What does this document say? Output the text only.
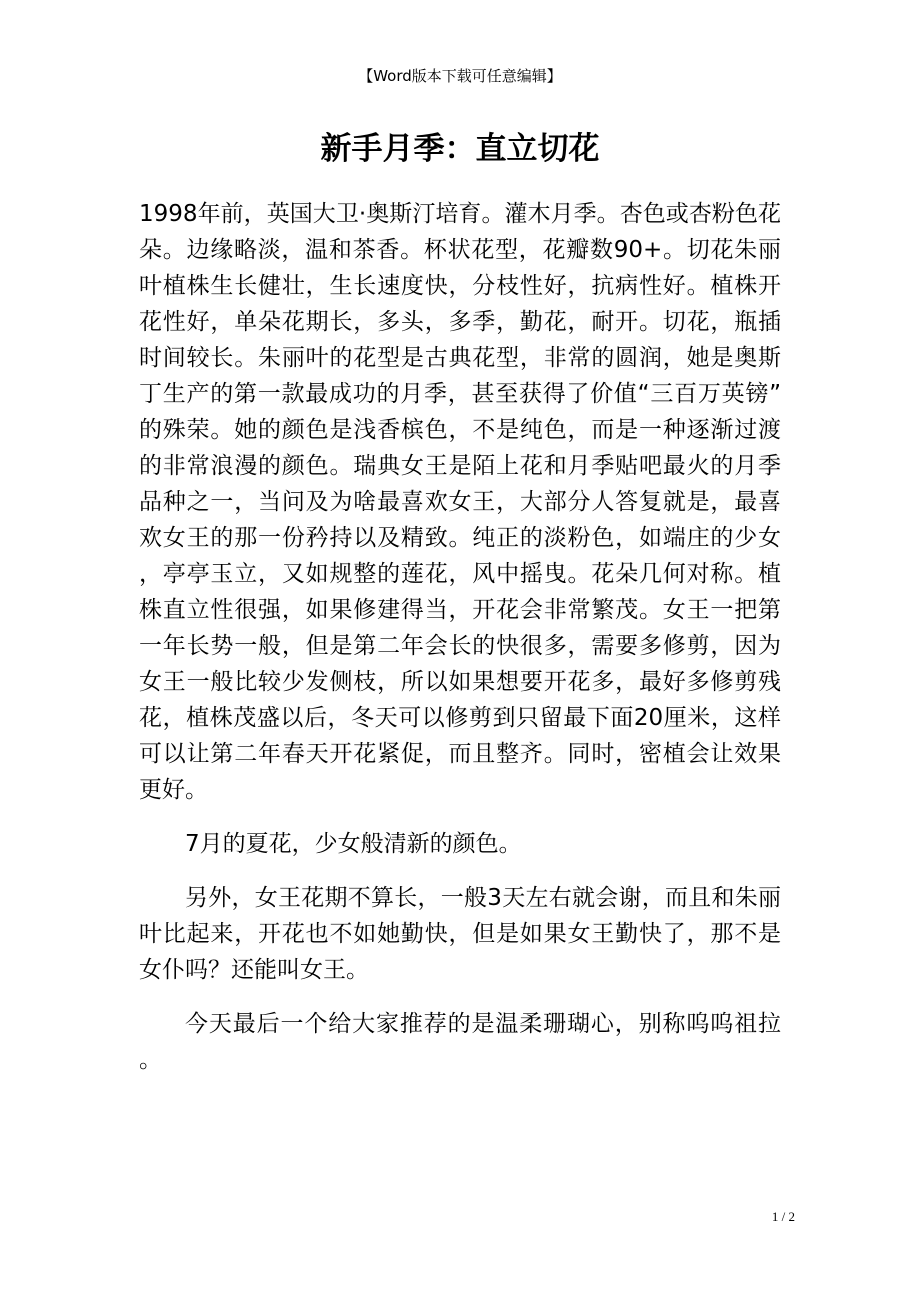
【Word版本下载可任意编辑】
新手月季：直立切花

1998年前，英国大卫·奥斯汀培育。灌木月季。杏色或杏粉色花朵。边缘略淡，温和茶香。杯状花型，花瓣数90+。切花朱丽叶植株生长健壮，生长速度快，分枝性好，抗病性好。植株开花性好，单朵花期长，多头，多季，勤花，耐开。切花，瓶插时间较长。朱丽叶的花型是古典花型，非常的圆润，她是奥斯丁生产的第一款最成功的月季，甚至获得了价值“三百万英镑”的殊荣。她的颜色是浅香槟色，不是纯色，而是一种逐渐过渡的非常浪漫的颜色。瑞典女王是陌上花和月季贴吧最火的月季品种之一，当问及为啥最喜欢女王，大部分人答复就是，最喜欢女王的那一份矜持以及精致。纯正的淡粉色，如端庄的少女，亭亭玉立，又如规整的莲花，风中摇曳。花朵几何对称。植株直立性很强，如果修建得当，开花会非常繁茂。女王一把第一年长势一般，但是第二年会长的快很多，需要多修剪，因为女王一般比较少发侧枝，所以如果想要开花多，最好多修剪残花，植株茂盛以后，冬天可以修剪到只留最下面20厘米，这样可以让第二年春天开花紧促，而且整齐。同时，密植会让效果更好。

7月的夏花，少女般清新的颜色。

另外，女王花期不算长，一般3天左右就会谢，而且和朱丽叶比起来，开花也不如她勤快，但是如果女王勤快了，那不是女仆吗？还能叫女王。

今天最后一个给大家推荐的是温柔珊瑚心，别称呜呜祖拉。

1 / 2
